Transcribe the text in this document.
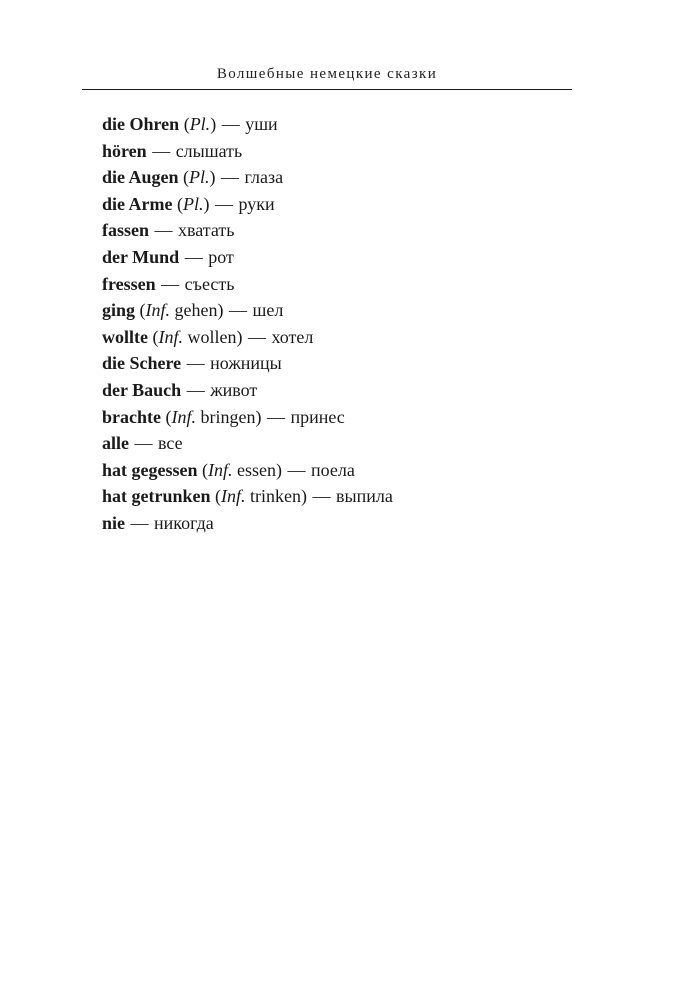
Волшебные немецкие сказки
die Ohren (Pl.) — уши
hören — слышать
die Augen (Pl.) — глаза
die Arme (Pl.) — руки
fassen — хватать
der Mund — рот
fressen — съесть
ging (Inf. gehen) — шел
wollte (Inf. wollen) — хотел
die Schere — ножницы
der Bauch — живот
brachte (Inf. bringen) — принес
alle — все
hat gegessen (Inf. essen) — поела
hat getrunken (Inf. trinken) — выпила
nie — никогда
